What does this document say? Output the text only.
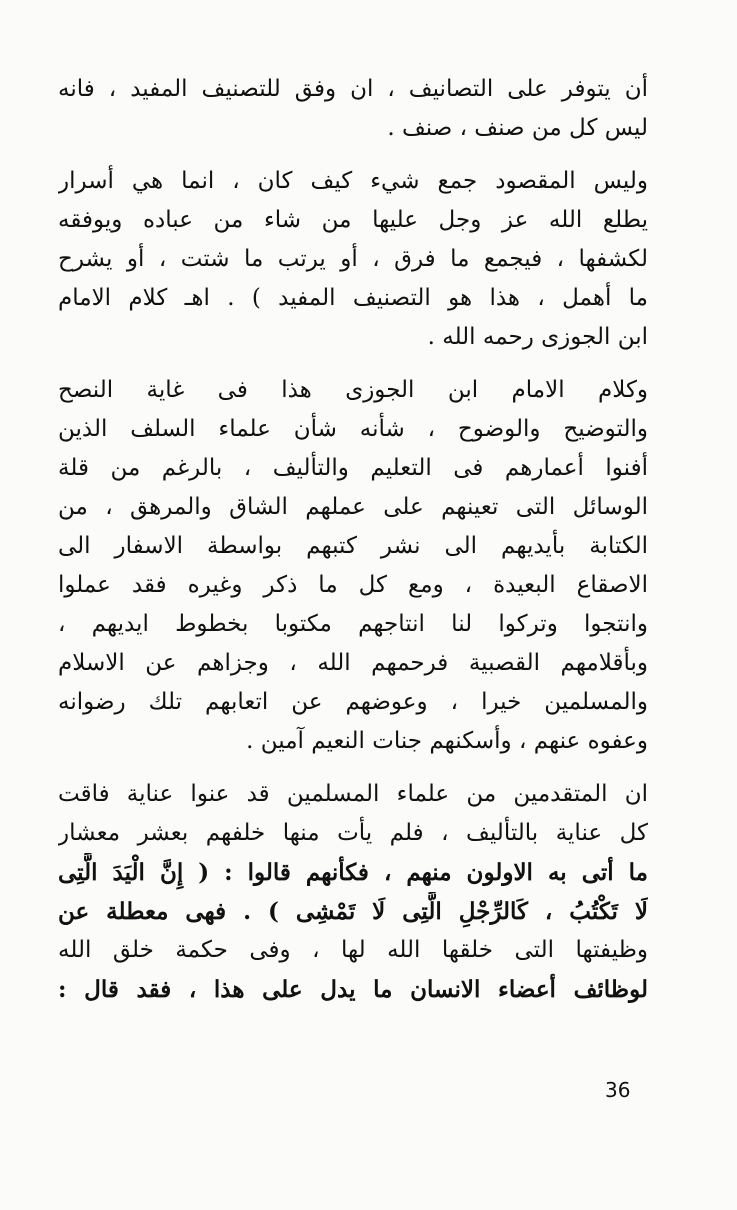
أن يتوفر على التصانيف ، ان وفق للتصنيف المفيد ، فانه
ليس كل من صنف ، صنف .
وليس المقصود جمع شيء كيف كان ، انما هي أسرار
يطلع الله عز وجل عليها من شاء من عباده ويوفقه
لكشفها ، فيجمع ما فرق ، أو يرتب ما شتت ، أو يشرح
ما أهمل ، هذا هو التصنيف المفيد ) . اهـ كلام الامام
ابن الجوزى رحمه الله .
وكلام الامام ابن الجوزى هذا فى غاية النصح
والتوضيح والوضوح ، شأنه شأن علماء السلف الذين
أفنوا أعمارهم فى التعليم والتأليف ، بالرغم من قلة
الوسائل التى تعينهم على عملهم الشاق والمرهق ، من
الكتابة بأيديهم الى نشر كتبهم بواسطة الاسفار الى
الاصقاع البعيدة ، ومع كل ما ذكر وغيره فقد عملوا
وانتجوا وتركوا لنا انتاجهم مكتوبا بخطوط ايديهم ،
وبأقلامهم القصبية فرحمهم الله ، وجزاهم عن الاسلام
والمسلمين خيرا ، وعوضهم عن اتعابهم تلك رضوانه
وعفوه عنهم ، وأسكنهم جنات النعيم آمين .
ان المتقدمين من علماء المسلمين قد عنوا عناية فاقت
كل عناية بالتأليف ، فلم يأت منها خلفهم بعشر معشار
ما أتى به الاولون منهم ، فكأنهم قالوا : ( إِنَّ الْيَدَ الَّتِى
لَا تَكْتُبُ ، كَالرِّجْلِ الَّتِى لَا تَمْشِى ) . فهى معطلة عن
وظيفتها التى خلقها الله لها ، وفى حكمة خلق الله
لوظائف أعضاء الانسان ما يدل على هذا ، فقد قال :
36
